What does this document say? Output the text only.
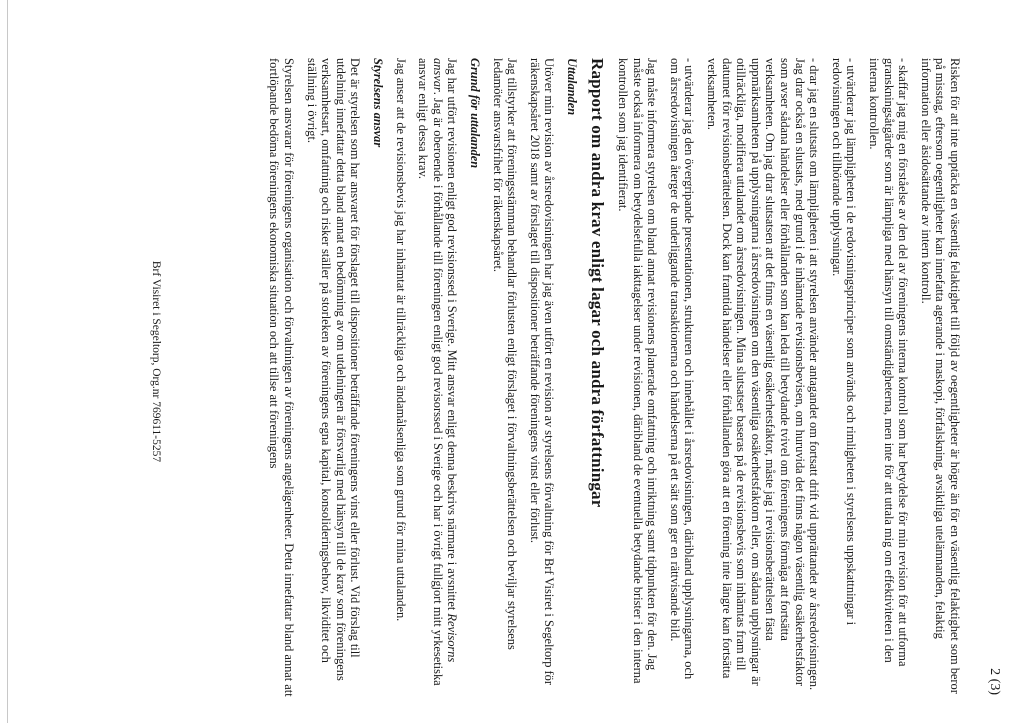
2 (3)

Risken för att inte upptäcka en väsentlig felaktighet till följd av oegentligheter är högre än för en väsentlig felaktighet som beror på misstag, eftersom oegentligheter kan innefatta agerande i maskopi, förfalskning, avsiktliga utelämnanden, felaktig information eller åsidosättande av intern kontroll.

- skaffar jag mig en förståelse av den del av föreningens interna kontroll som har betydelse för min revision för att utforma granskningsåtgärder som är lämpliga med hänsyn till omständigheterna, men inte för att uttala mig om effektiviteten i den interna kontrollen.

- utvärderar jag lämpligheten i de redovisningsprinciper som används och rimligheten i styrelsens uppskattningar i redovisningen och tillhörande upplysningar.

- drar jag en slutsats om lämpligheten i att styrelsen använder antagandet om fortsatt drift vid upprättandet av årsredovisningen. Jag drar också en slutsats, med grund i de inhämtade revisionsbevisen, om huruvida det finns någon väsentlig osäkerhetsfaktor som avser sådana händelser eller förhållanden som kan leda till betydande tvivel om föreningens förmåga att fortsätta verksamheten. Om jag drar slutsatsen att det finns en väsentlig osäkerhetsfaktor, måste jag i revisionsberättelsen fästa uppmärksamheten på upplysningarna i årsredovisningen om den väsentliga osäkerhetsfaktorn eller, om sådana upplysningar är otillräckliga, modifiera uttalandet om årsredovisningen. Mina slutsatser baseras på de revisionsbevis som inhämtas fram till datumet för revisionsberättelsen. Dock kan framtida händelser eller förhållanden göra att en förening inte längre kan fortsätta verksamheten.

- utvärderar jag den övergripande presentationen, strukturen och innehållet i årsredovisningen, däribland upplysningarna, och om årsredovisningen återger de underliggande transaktionerna och händelserna på ett sätt som ger en rättvisande bild.

Jag måste informera styrelsen om bland annat revisionens planerade omfattning och inriktning samt tidpunkten för den. Jag måste också informera om betydelsefulla iakttagelser under revisionen, däribland de eventuella betydande brister i den interna kontrollen som jag identifierat.

Rapport om andra krav enligt lagar och andra författningar

Uttalanden

Utöver min revision av årsredovisningen har jag även utfört en revision av styrelsens förvaltning för Brf Visiret i Segeltorp för räkenskapsåret 2018 samt av förslaget till dispositioner beträffande föreningens vinst eller förlust.

Jag tillstyrker att föreningsstämman behandlar förlusten enligt förslaget i förvaltningsberättelsen och beviljar styrelsens ledamöter ansvarsfrihet för räkenskapsåret.

Grund för uttalanden

Jag har utfört revisionen enligt god revisionssed i Sverige. Mitt ansvar enligt denna beskrivs närmare i avsnittet Revisorns ansvar. Jag är oberoende i förhållande till föreningen enligt god revisorssed i Sverige och har i övrigt fullgjort mitt yrkesetiska ansvar enligt dessa krav.

Jag anser att de revisionsbevis jag har inhämtat är tillräckliga och ändamålsenliga som grund för mina uttalanden.

Styrelsens ansvar

Det är styrelsen som har ansvaret för förslaget till dispositioner beträffande föreningens vinst eller förlust. Vid förslag till utdelning innefattar detta bland annat en bedömning av om utdelningen är försvarlig med hänsyn till de krav som föreningens verksamhetsart, omfattning och risker ställer på storleken av föreningens egna kapital, konsolideringsbehov, likviditet och ställning i övrigt.

Styrelsen ansvarar för föreningens organisation och förvaltningen av föreningens angelägenheter. Detta innefattar bland annat att fortlöpande bedöma föreningens ekonomiska situation och att tillse att föreningens

Brf Visiret i Segeltorp, Org.nr 769611-5257
